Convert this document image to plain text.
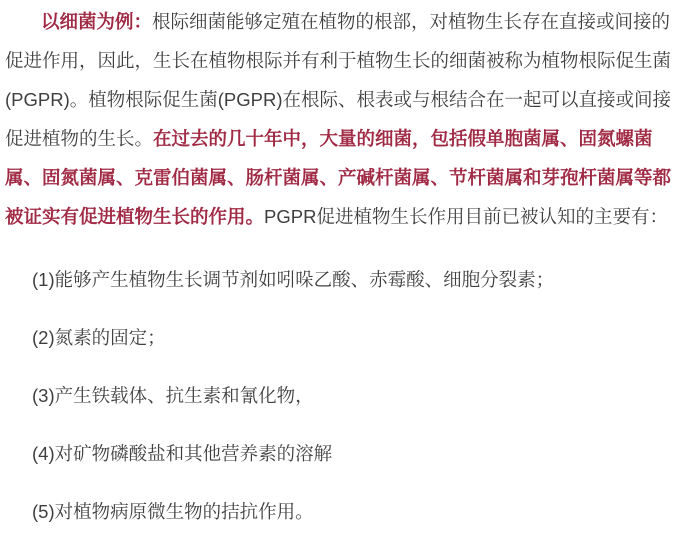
以细菌为例：根际细菌能够定殖在植物的根部，对植物生长存在直接或间接的
促进作用，因此，生长在植物根际并有利于植物生长的细菌被称为植物根际促生菌
(PGPR)。植物根际促生菌(PGPR)在根际、根表或与根结合在一起可以直接或间接
促进植物的生长。在过去的几十年中，大量的细菌，包括假单胞菌属、固氮螺菌
属、固氮菌属、克雷伯菌属、肠杆菌属、产碱杆菌属、节杆菌属和芽孢杆菌属等都
被证实有促进植物生长的作用。PGPR促进植物生长作用目前已被认知的主要有：
(1)能够产生植物生长调节剂如吲哚乙酸、赤霉酸、细胞分裂素；
(2)氮素的固定；
(3)产生铁载体、抗生素和氰化物，
(4)对矿物磷酸盐和其他营养素的溶解
(5)对植物病原微生物的拮抗作用。
